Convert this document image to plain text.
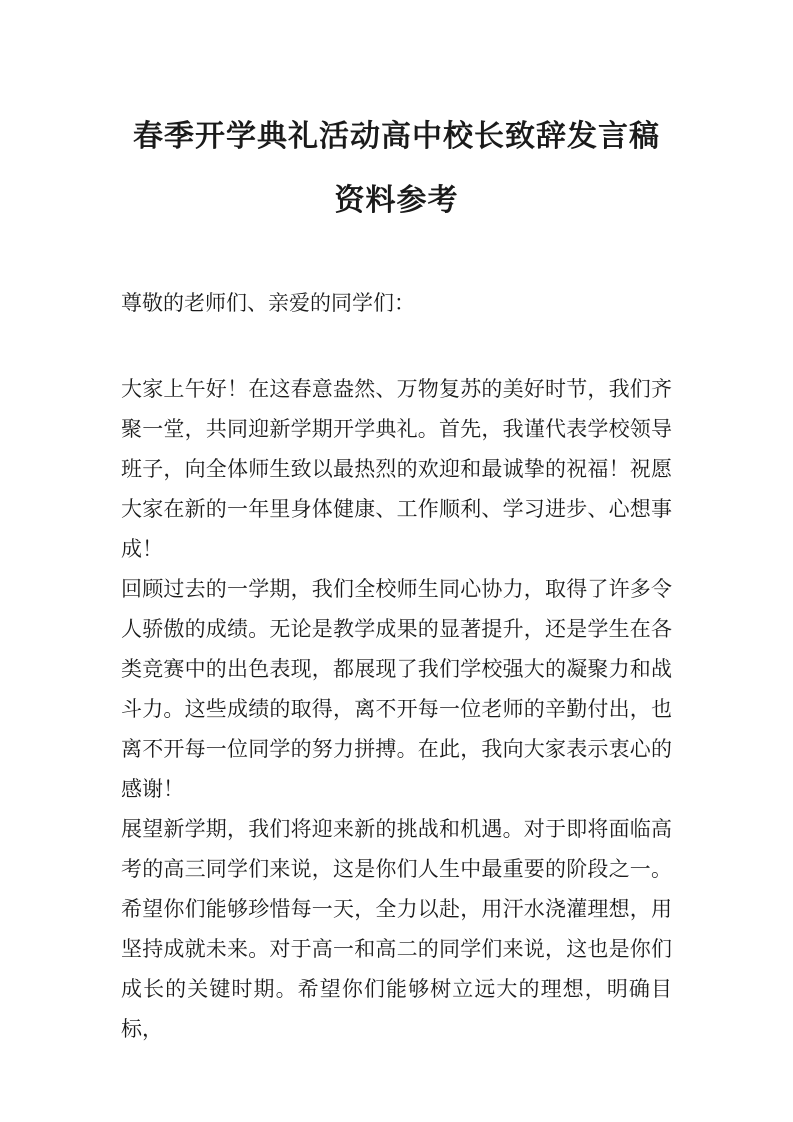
春季开学典礼活动高中校长致辞发言稿资料参考

尊敬的老师们、亲爱的同学们：

大家上午好！在这春意盎然、万物复苏的美好时节，我们齐聚一堂，共同迎新学期开学典礼。首先，我谨代表学校领导班子，向全体师生致以最热烈的欢迎和最诚挚的祝福！祝愿大家在新的一年里身体健康、工作顺利、学习进步、心想事成！

回顾过去的一学期，我们全校师生同心协力，取得了许多令人骄傲的成绩。无论是教学成果的显著提升，还是学生在各类竞赛中的出色表现，都展现了我们学校强大的凝聚力和战斗力。这些成绩的取得，离不开每一位老师的辛勤付出，也离不开每一位同学的努力拼搏。在此，我向大家表示衷心的感谢！

展望新学期，我们将迎来新的挑战和机遇。对于即将面临高考的高三同学们来说，这是你们人生中最重要的阶段之一。希望你们能够珍惜每一天，全力以赴，用汗水浇灌理想，用坚持成就未来。对于高一和高二的同学们来说，这也是你们成长的关键时期。希望你们能够树立远大的理想，明确目标，
